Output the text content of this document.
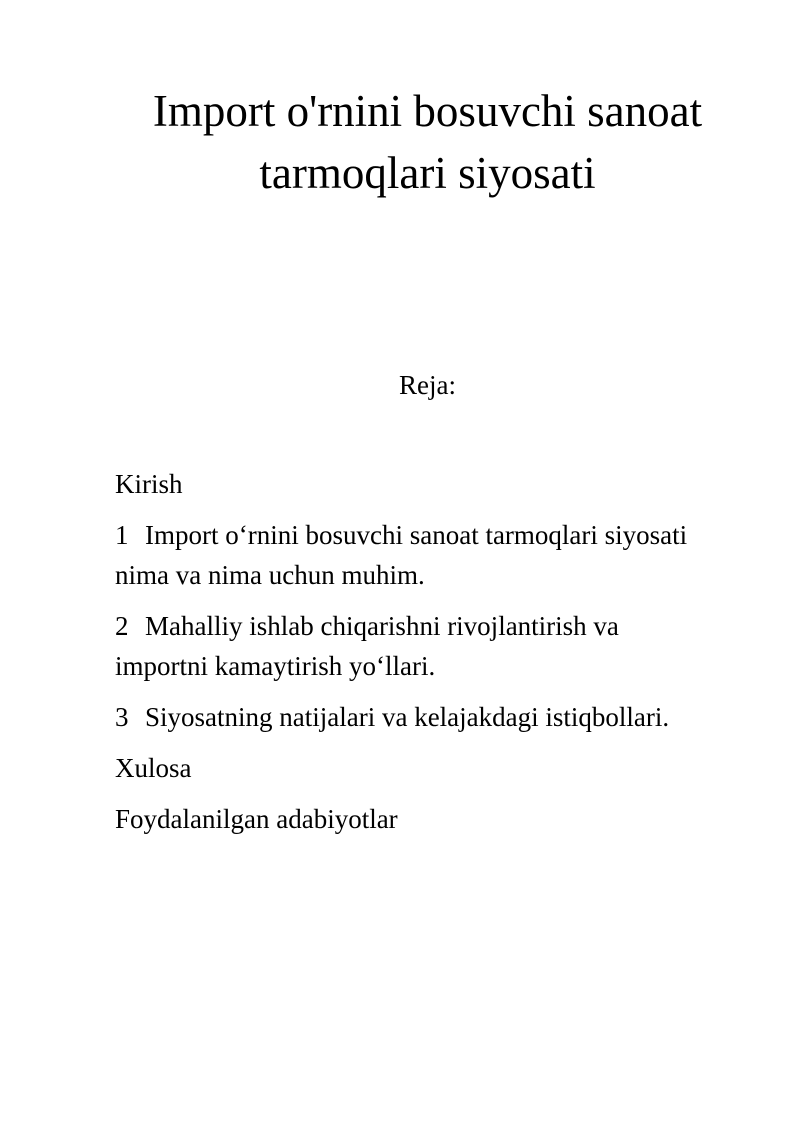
Import o'rnini bosuvchi sanoat
tarmoqlari siyosati
Reja:
Kirish
1 Import o‘rnini bosuvchi sanoat tarmoqlari siyosati
nima va nima uchun muhim.
2 Mahalliy ishlab chiqarishni rivojlantirish va
importni kamaytirish yo‘llari.
3 Siyosatning natijalari va kelajakdagi istiqbollari.
Xulosa
Foydalanilgan adabiyotlar
